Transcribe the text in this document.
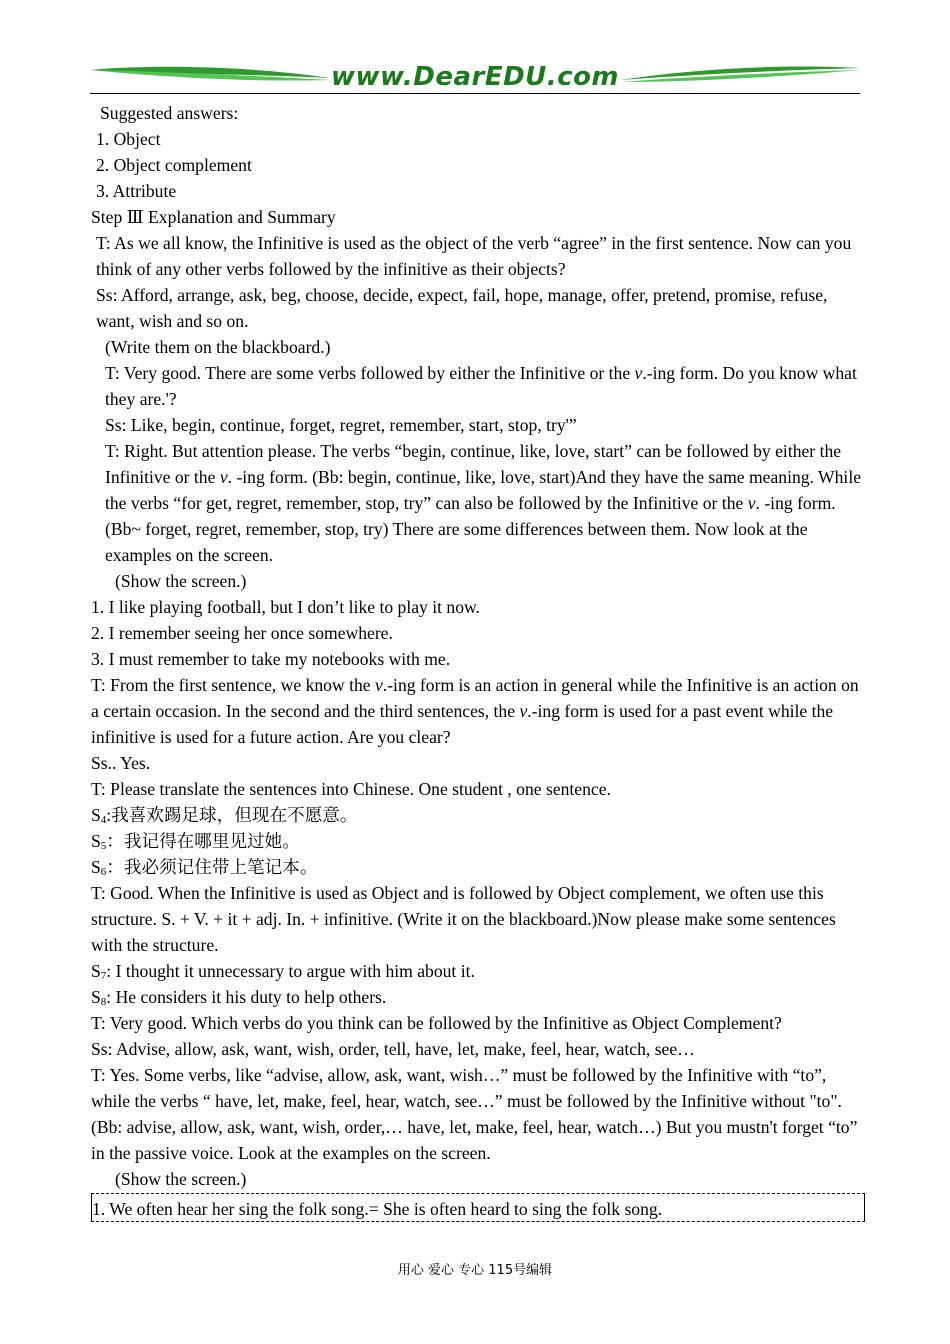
www.DearEDU.com
Suggested answers:
1. Object
2. Object complement
3. Attribute
Step Ⅲ Explanation and Summary
T: As we all know, the Infinitive is used as the object of the verb “agree” in the first sentence. Now can you think of any other verbs followed by the infinitive as their objects?
Ss: Afford, arrange, ask, beg, choose, decide, expect, fail, hope, manage, offer, pretend, promise, refuse, want, wish and so on.
(Write them on the blackboard.)
T: Very good. There are some verbs followed by either the Infinitive or the v.-ing form. Do you know what they are.'?
Ss: Like, begin, continue, forget, regret, remember, start, stop, try'”
T: Right. But attention please. The verbs “begin, continue, like, love, start” can be followed by either the Infinitive or the v. -ing form. (Bb: begin, continue, like, love, start)And they have the same meaning. While the verbs “for get, regret, remember, stop, try” can also be followed by the Infinitive or the v. -ing form. (Bb~ forget, regret, remember, stop, try) There are some differences between them. Now look at the examples on the screen.
(Show the screen.)
1. I like playing football, but I don’t like to play it now.
2. I remember seeing her once somewhere.
3. I must remember to take my notebooks with me.
T: From the first sentence, we know the v.-ing form is an action in general while the Infinitive is an action on a certain occasion. In the second and the third sentences, the v.-ing form is used for a past event while the infinitive is used for a future action. Are you clear?
Ss.. Yes.
T: Please translate the sentences into Chinese. One student , one sentence.
$S_4$:我喜欢踢足球，但现在不愿意。
$S_5$：我记得在哪里见过她。
$S_6$：我必须记住带上笔记本。
T: Good. When the Infinitive is used as Object and is followed by Object complement, we often use this structure. S. + V. + it + adj. In. + infinitive. (Write it on the blackboard.)Now please make some sentences with the structure.
$S_7$: I thought it unnecessary to argue with him about it.
$S_8$: He considers it his duty to help others.
T: Very good. Which verbs do you think can be followed by the Infinitive as Object Complement?
Ss: Advise, allow, ask, want, wish, order, tell, have, let, make, feel, hear, watch, see…
T: Yes. Some verbs, like “advise, allow, ask, want, wish…” must be followed by the Infinitive with “to”, while the verbs “ have, let, make, feel, hear, watch, see…” must be followed by the Infinitive without "to". (Bb: advise, allow, ask, want, wish, order,… have, let, make, feel, hear, watch…) But you mustn't forget “to” in the passive voice. Look at the examples on the screen.
(Show the screen.)
1. We often hear her sing the folk song.= She is often heard to sing the folk song.
用心 爱心 专心 115号编辑
